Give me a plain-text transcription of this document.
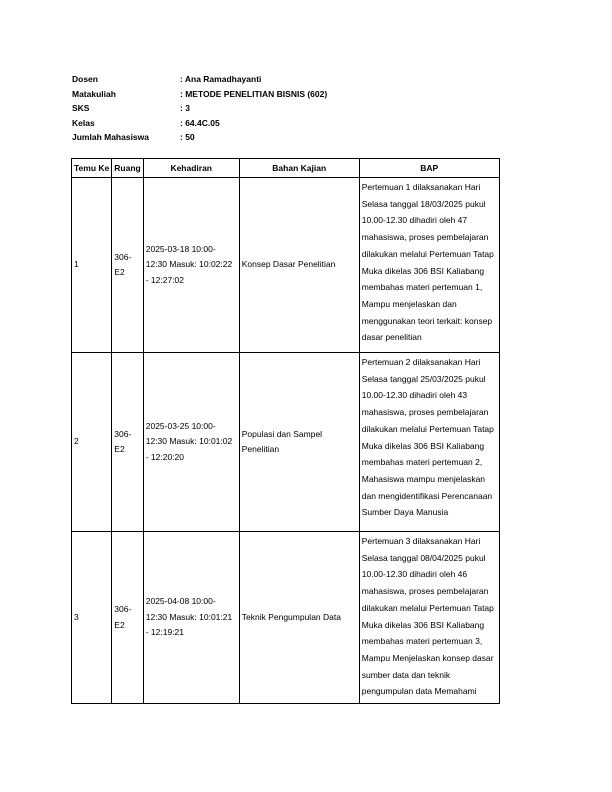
Dosen	: Ana Ramadhayanti
Matakuliah	: METODE PENELITIAN BISNIS (602)
SKS	: 3
Kelas	: 64.4C.05
Jumlah Mahasiswa	: 50
Temu Ke	Ruang	Kehadiran	Bahan Kajian	BAP
1	306-E2	2025-03-18 10:00-12:30 Masuk: 10:02:22 - 12:27:02	Konsep Dasar Penelitian	Pertemuan 1 dilaksanakan Hari Selasa tanggal 18/03/2025 pukul 10.00-12.30 dihadiri oleh 47 mahasiswa, proses pembelajaran dilakukan melalui Pertemuan Tatap Muka dikelas 306 BSI Kaliabang membahas materi pertemuan 1, Mampu menjelaskan dan menggunakan teori terkait: konsep dasar penelitian
2	306-E2	2025-03-25 10:00-12:30 Masuk: 10:01:02 - 12:20:20	Populasi dan Sampel Penelitian	Pertemuan 2 dilaksanakan Hari Selasa tanggal 25/03/2025 pukul 10.00-12.30 dihadiri oleh 43 mahasiswa, proses pembelajaran dilakukan melalui Pertemuan Tatap Muka dikelas 306 BSI Kaliabang membahas materi pertemuan 2, Mahasiswa mampu menjelaskan dan mengidentifikasi Perencanaan Sumber Daya Manusia
3	306-E2	2025-04-08 10:00-12:30 Masuk: 10:01:21 - 12:19:21	Teknik Pengumpulan Data	Pertemuan 3 dilaksanakan Hari Selasa tanggal 08/04/2025 pukul 10.00-12.30 dihadiri oleh 46 mahasiswa, proses pembelajaran dilakukan melalui Pertemuan Tatap Muka dikelas 306 BSI Kaliabang membahas materi pertemuan 3, Mampu Menjelaskan konsep dasar sumber data dan teknik pengumpulan data Memahami
